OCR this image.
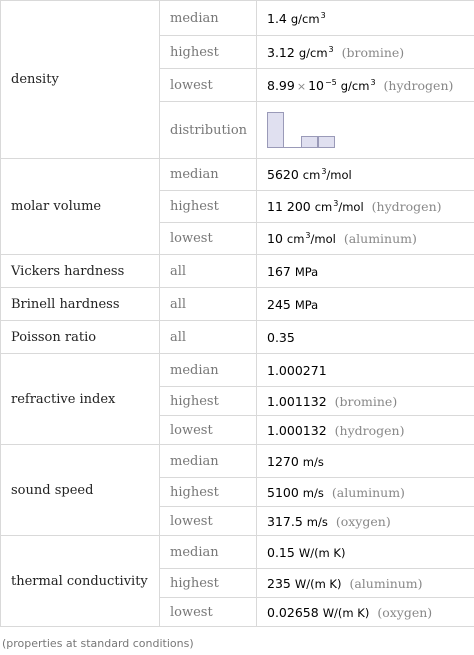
density	median	1.4 $g/cm^3$
	highest	3.12 $g/cm^3$ (bromine)
	lowest	$8.99 \times 10^{-5}$ $g/cm^3$ (hydrogen)
	distribution	

molar volume	median	5620 $cm^3$/mol
	highest	11 200 $cm^3$/mol (hydrogen)
	lowest	10 $cm^3$/mol (aluminum)
Vickers hardness	all	167 MPa
Brinell hardness	all	245 MPa
Poisson ratio	all	0.35
refractive index	median	1.000271
	highest	1.001132 (bromine)
	lowest	1.000132 (hydrogen)
sound speed	median	1270 m/s
	highest	5100 m/s (aluminum)
	lowest	317.5 m/s (oxygen)
thermal conductivity	median	0.15 W/(m K)
	highest	235 W/(m K) (aluminum)
	lowest	0.02658 W/(m K) (oxygen)
(properties at standard conditions)
